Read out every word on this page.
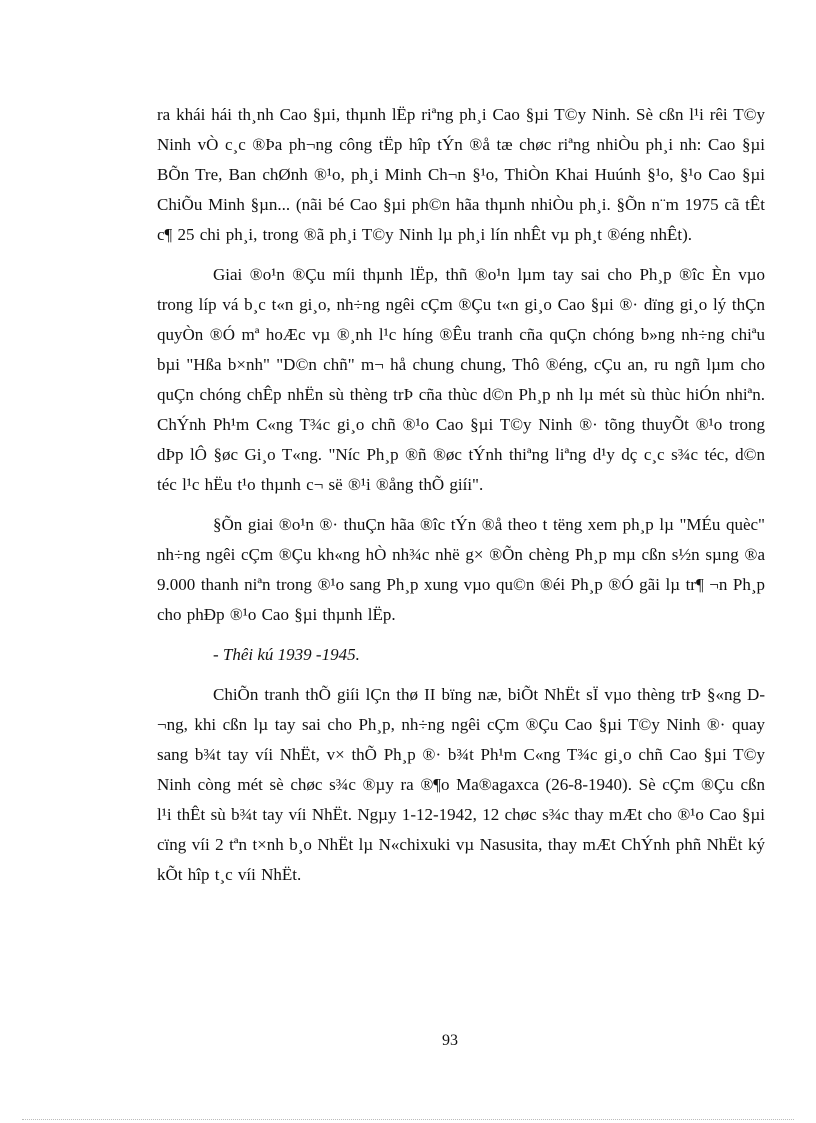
ra khái hái th¸nh Cao §µi, thµnh lËp riªng ph¸i Cao §µi T©y Ninh. Sè cßn l¹i rêi T©y Ninh vÒ c¸c ®Þa ph¬ng công tËp hîp tÝn ®å tæ chøc riªng nhiÒu ph¸i nh: Cao §µi BÕn Tre, Ban chØnh ®¹o, ph¸i Minh Ch¬n §¹o, ThiÒn Khai Huúnh §¹o, §¹o Cao §µi ChiÕu Minh §µn... (nãi bé Cao §µi ph©n hãa thµnh nhiÒu ph¸i. §Õn n¨m 1975 cã tÊt c¶ 25 chi ph¸i, trong ®ã ph¸i T©y Ninh lµ ph¸i lín nhÊt vµ ph¸t ®éng nhÊt).

Giai ®o¹n ®Çu míi thµnh lËp, thñ ®o¹n lµm tay sai cho Ph¸p ®îc Èn vµo trong líp vá b¸c t«n gi¸o, nh÷ng ngêi cÇm ®Çu t«n gi¸o Cao §µi ®· dïng gi¸o lý thÇn quyÒn ®Ó mª hoÆc vµ ®¸nh l¹c híng ®Êu tranh cña quÇn chóng b»ng nh÷ng chiªu bµi "Hßa b×nh" "D©n chñ" m¬ hå chung chung, Thô ®éng, cÇu an, ru ngñ lµm cho quÇn chóng chÊp nhËn sù thèng trÞ cña thùc d©n Ph¸p nh lµ mét sù thùc hiÓn nhiªn. ChÝnh Ph¹m C«ng T¾c gi¸o chñ ®¹o Cao §µi T©y Ninh ®· tõng thuyÕt ®¹o trong dÞp lÔ §øc Gi¸o T«ng. "Níc Ph¸p ®ñ ®øc tÝnh thiªng liªng d¹y dç c¸c s¾c téc, d©n téc l¹c hËu t¹o thµnh c¬ së ®¹i ®ång thÕ giíi".

§Õn giai ®o¹n ®· thuÇn hãa ®îc tÝn ®å theo t tëng xem ph¸p lµ "MÉu quèc" nh÷ng ngêi cÇm ®Çu kh«ng hÒ nh¾c nhë g× ®Õn chèng Ph¸p mµ cßn s½n sµng ®a 9.000 thanh niªn trong ®¹o sang Ph¸p xung vµo qu©n ®éi Ph¸p ®Ó gãi lµ tr¶ ¬n Ph¸p cho phÐp ®¹o Cao §µi thµnh lËp.

- Thêi kú 1939 -1945.

ChiÕn tranh thÕ giíi lÇn thø II bïng næ, biÕt NhËt sÏ vµo thèng trÞ §«ng D¬ng, khi cßn lµ tay sai cho Ph¸p, nh÷ng ngêi cÇm ®Çu Cao §µi T©y Ninh ®· quay sang b¾t tay víi NhËt, v× thÕ Ph¸p ®· b¾t Ph¹m C«ng T¾c gi¸o chñ Cao §µi T©y Ninh còng mét sè chøc s¾c ®µy ra ®¶o Ma®agaxca (26-8-1940). Sè cÇm ®Çu cßn l¹i thÊt sù b¾t tay víi NhËt. Ngµy 1-12-1942, 12 chøc s¾c thay mÆt cho ®¹o Cao §µi cïng víi 2 tªn t×nh b¸o NhËt lµ N«chixuki vµ Nasusita, thay mÆt ChÝnh phñ NhËt ký kÕt hîp t¸c víi NhËt.

93
